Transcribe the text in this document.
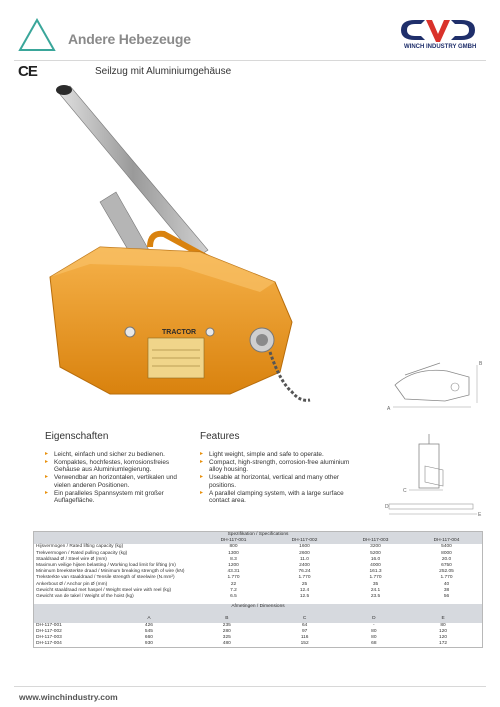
Andere Hebezeuge	WINCH INDUSTRY GMBH
CE	Seilzug mit Aluminiumgehäuse
TRACTOR
A
B
C
D
E
Eigenschaften
▸ Leicht, einfach und sicher zu bedienen.
▸ Kompaktes, hochfestes, korrosionsfreies Gehäuse aus Aluminiumlegierung.
▸ Verwendbar an horizontalen, vertikalen und vielen anderen Positionen.
▸ Ein paralleles Spannsystem mit großer Auflagefläche.
Features
▸ Light weight, simple and safe to operate.
▸ Compact, high-strength, corrosion-free aluminium alloy housing.
▸ Useable at horizontal, vertical and many other positions.
▸ A parallel clamping system, with a large surface contact area.
Spezifikation / Specifications				
	DH-117-001	DH-117-002	DH-117-003	DH-117-004
Hijsvermogen / Rated lifting capacity (kg)	800	1600	3200	5400
Trekvermogen / Rated pulling capacity (kg)	1300	2600	5200	8000
Staaldraad Ø / Steel wire Ø (mm)	8.3	11.0	16.0	20.0
Maximum veilige hijsen belasting / Working load limit for lifting (m)	1200	2400	4000	6750
Minimum breeksterkte draad / Minimum breaking strength of wire (kN)	43.31	76.24	161.3	252.05
Treksterkte van staaldraad / Tensile strength of steelwire (N.mm²)	1.770	1.770	1.770	1.770
Ankerbout Ø / Anchor pin Ø (mm)	22	25	35	40
Gewicht staaldraad met haspel / Weight steel wire with reel (kg)	7.2	12.4	24.1	38
Gewicht van de takel / Weight of the hoist (kg)	6.5	12.5	23.5	56

Afmetingen / Dimensions				

	A	B	C	D	E
DH-117-001	426	235	64	-	80
DH-117-002	545	280	97	80	120
DH-117-003	660	325	116	80	120
DH-117-004	930	480	152	68	172
www.winchindustry.com
